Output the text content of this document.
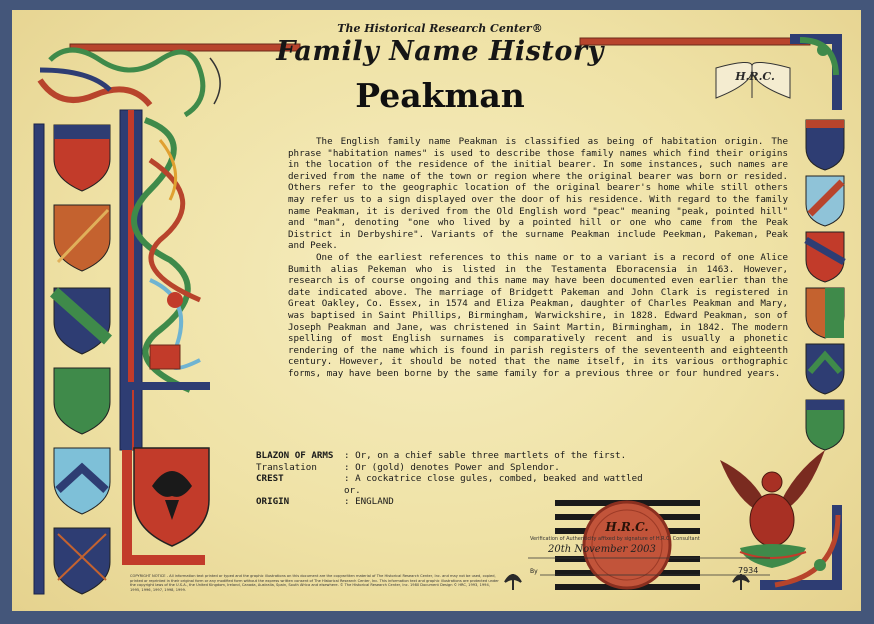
The Historical Research Center®
Family Name History
Peakman	H.R.C.

The English family name Peakman is classified as being of habitation origin. The phrase "habitation names" is used to describe those family names which find their origins in the location of the residence of the initial bearer. In some instances, such names are derived from the name of the town or region where the original bearer was born or resided. Others refer to the geographic location of the original bearer's home while still others may refer us to a sign displayed over the door of his residence. With regard to the family name Peakman, it is derived from the Old English word "peac" meaning "peak, pointed hill" and "man", denoting "one who lived by a pointed hill or one who came from the Peak District in Derbyshire". Variants of the surname Peakman include Peekman, Pakeman, Peak and Peek.

One of the earliest references to this name or to a variant is a record of one Alice Bumith alias Pekeman who is listed in the Testamenta Eboracensia in 1463. However, research is of course ongoing and this name may have been documented even earlier than the date indicated above. The marriage of Bridgett Pakeman and John Clark is registered in Great Oakley, Co. Essex, in 1574 and Eliza Peakman, daughter of Charles Peakman and Mary, was baptised in Saint Phillips, Birmingham, Warwickshire, in 1828. Edward Peakman, son of Joseph Peakman and Jane, was christened in Saint Martin, Birmingham, in 1842. The modern spelling of most English surnames is comparatively recent and is usually a phonetic rendering of the name which is found in parish registers of the seventeenth and eighteenth century. However, it should be noted that the name itself, in its various orthographic forms, may have been borne by the same family for a previous three or four hundred years.

BLAZON OF ARMS	: Or, on a chief sable three martlets of the first.
Translation	: Or (gold) denotes Power and Splendor.
CREST	: A cockatrice close gules, combed, beaked and wattled or.
ORIGIN	: ENGLAND
H.R.C.
Verification of Authenticity affixed by signature of H.R.C. Consultant
20th November 2003
7934
By
COPYRIGHT NOTICE - All information text printed or typed and the graphic illustrations on this document are the copywritten material of The Historical Research Center, Inc. and may not be used, copied, printed or reprinted in their original form or any modified form without the express written consent of The Historical Research Center, Inc. This information text and graphic illustrations are protected under the copyright laws of the U.S.A., the United Kingdom, Ireland, Canada, Australia, Spain, South Africa and elsewhere. © The Historical Research Center, Inc. 1980 Document Design © HRC, 1993, 1994, 1995, 1996, 1997, 1998, 1999.
